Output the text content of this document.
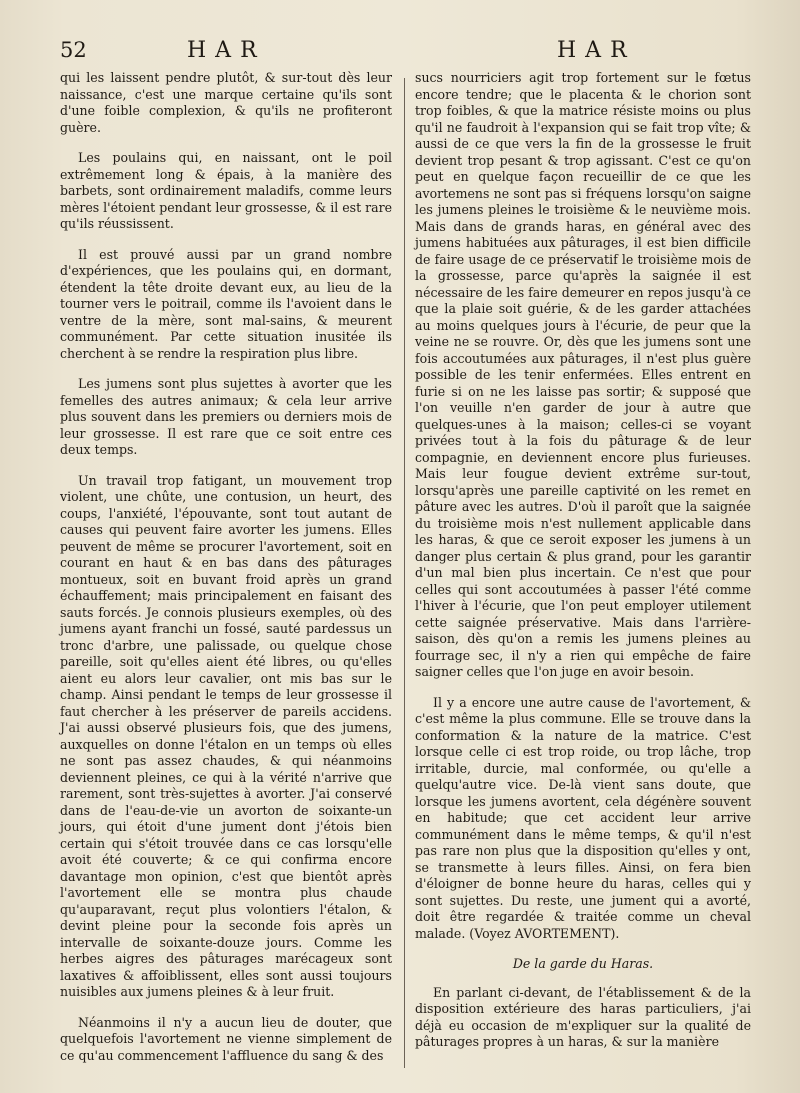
52	HAR	HAR

qui les laissent pendre plutôt, & sur-tout dès leur naissance, c'est une marque certaine qu'ils sont d'une foible complexion, & qu'ils ne profiteront guère.

Les poulains qui, en naissant, ont le poil extrêmement long & épais, à la manière des barbets, sont ordinairement maladifs, comme leurs mères l'étoient pendant leur grossesse, & il est rare qu'ils réussissent.

Il est prouvé aussi par un grand nombre d'expériences, que les poulains qui, en dormant, étendent la tête droite devant eux, au lieu de la tourner vers le poitrail, comme ils l'avoient dans le ventre de la mère, sont mal-sains, & meurent communément. Par cette situation inusitée ils cherchent à se rendre la respiration plus libre.

Les jumens sont plus sujettes à avorter que les femelles des autres animaux; & cela leur arrive plus souvent dans les premiers ou derniers mois de leur grossesse. Il est rare que ce soit entre ces deux temps.

Un travail trop fatigant, un mouvement trop violent, une chûte, une contusion, un heurt, des coups, l'anxiété, l'épouvante, sont tout autant de causes qui peuvent faire avorter les jumens. Elles peuvent de même se procurer l'avortement, soit en courant en haut & en bas dans des pâturages montueux, soit en buvant froid après un grand échauffement; mais principalement en faisant des sauts forcés. Je connois plusieurs exemples, où des jumens ayant franchi un fossé, sauté pardessus un tronc d'arbre, une palissade, ou quelque chose pareille, soit qu'elles aient été libres, ou qu'elles aient eu alors leur cavalier, ont mis bas sur le champ. Ainsi pendant le temps de leur grossesse il faut chercher à les préserver de pareils accidens. J'ai aussi observé plusieurs fois, que des jumens, auxquelles on donne l'étalon en un temps où elles ne sont pas assez chaudes, & qui néanmoins deviennent pleines, ce qui à la vérité n'arrive que rarement, sont très-sujettes à avorter. J'ai conservé dans de l'eau-de-vie un avorton de soixante-un jours, qui étoit d'une jument dont j'étois bien certain qui s'étoit trouvée dans ce cas lorsqu'elle avoit été couverte; & ce qui confirma encore davantage mon opinion, c'est que bientôt après l'avortement elle se montra plus chaude qu'auparavant, reçut plus volontiers l'étalon, & devint pleine pour la seconde fois après un intervalle de soixante-douze jours. Comme les herbes aigres des pâturages marécageux sont laxatives & affoiblissent, elles sont aussi toujours nuisibles aux jumens pleines & à leur fruit.

Néanmoins il n'y a aucun lieu de douter, que quelquefois l'avortement ne vienne simplement de ce qu'au commencement l'affluence du sang & des

sucs nourriciers agit trop fortement sur le fœtus encore tendre; que le placenta & le chorion sont trop foibles, & que la matrice résiste moins ou plus qu'il ne faudroit à l'expansion qui se fait trop vîte; & aussi de ce que vers la fin de la grossesse le fruit devient trop pesant & trop agissant. C'est ce qu'on peut en quelque façon recueillir de ce que les avortemens ne sont pas si fréquens lorsqu'on saigne les jumens pleines le troisième & le neuvième mois. Mais dans de grands haras, en général avec des jumens habituées aux pâturages, il est bien difficile de faire usage de ce préservatif le troisième mois de la grossesse, parce qu'après la saignée il est nécessaire de les faire demeurer en repos jusqu'à ce que la plaie soit guérie, & de les garder attachées au moins quelques jours à l'écurie, de peur que la veine ne se rouvre. Or, dès que les jumens sont une fois accoutumées aux pâturages, il n'est plus guère possible de les tenir enfermées. Elles entrent en furie si on ne les laisse pas sortir; & supposé que l'on veuille n'en garder de jour à autre que quelques-unes à la maison; celles-ci se voyant privées tout à la fois du pâturage & de leur compagnie, en deviennent encore plus furieuses. Mais leur fougue devient extrême sur-tout, lorsqu'après une pareille captivité on les remet en pâture avec les autres. D'où il paroît que la saignée du troisième mois n'est nullement applicable dans les haras, & que ce seroit exposer les jumens à un danger plus certain & plus grand, pour les garantir d'un mal bien plus incertain. Ce n'est que pour celles qui sont accoutumées à passer l'été comme l'hiver à l'écurie, que l'on peut employer utilement cette saignée préservative. Mais dans l'arrière-saison, dès qu'on a remis les jumens pleines au fourrage sec, il n'y a rien qui empêche de faire saigner celles que l'on juge en avoir besoin.

Il y a encore une autre cause de l'avortement, & c'est même la plus commune. Elle se trouve dans la conformation & la nature de la matrice. C'est lorsque celle ci est trop roide, ou trop lâche, trop irritable, durcie, mal conformée, ou qu'elle a quelqu'autre vice. De-là vient sans doute, que lorsque les jumens avortent, cela dégénère souvent en habitude; que cet accident leur arrive communément dans le même temps, & qu'il n'est pas rare non plus que la disposition qu'elles y ont, se transmette à leurs filles. Ainsi, on fera bien d'éloigner de bonne heure du haras, celles qui y sont sujettes. Du reste, une jument qui a avorté, doit être regardée & traitée comme un cheval malade. (Voyez AVORTEMENT).

De la garde du Haras.

En parlant ci-devant, de l'établissement & de la disposition extérieure des haras particuliers, j'ai déjà eu occasion de m'expliquer sur la qualité de pâturages propres à un haras, & sur la manière
